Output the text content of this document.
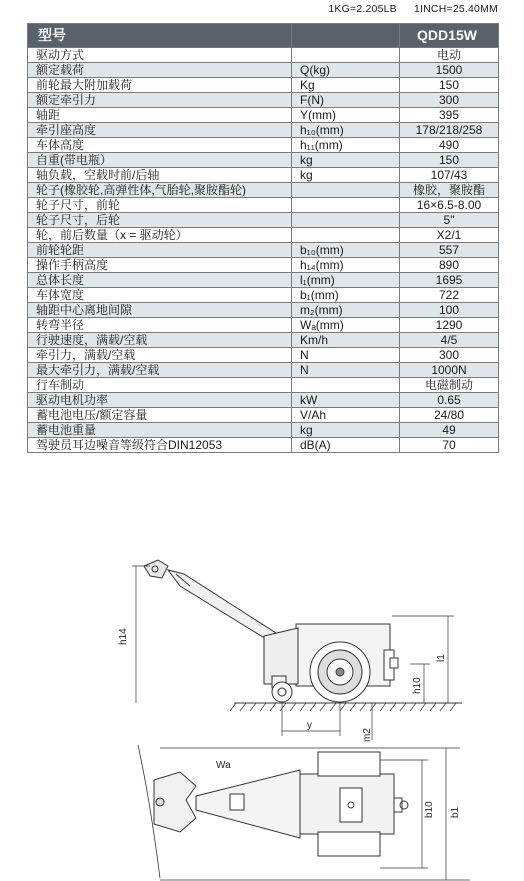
1KG=2.205LB 1INCH=25.40MM
型号		QDD15W
驱动方式		电动
额定载荷	Q(kg)	1500
前轮最大附加载荷	Kg	150
额定牵引力	F(N)	300
轴距	Y(mm)	395
牵引座高度	h₁₀(mm)	178/218/258
车体高度	h₁₁(mm)	490
自重(带电瓶）	kg	150
轴负载，空载时前/后轴	kg	107/43
轮子(橡胶轮,高弹性体,气胎轮,聚胺酯轮)		橡胶，聚胺酯
轮子尺寸，前轮		16×6.5-8.00
轮子尺寸，后轮		5"
轮，前后数量（x = 驱动轮）		X2/1
前轮轮距	b₁₀(mm)	557
操作手柄高度	h₁₄(mm)	890
总体长度	l₁(mm)	1695
车体宽度	b₁(mm)	722
轴距中心离地间隙	m₂(mm)	100
转弯半径	Wₐ(mm)	1290
行驶速度，满载/空载	Km/h	4/5
牵引力，满载/空载	N	300
最大牵引力，满载/空载	N	1000N
行车制动		电磁制动
驱动电机功率	kW	0.65
蓄电池电压/额定容量	V/Ah	24/80
蓄电池重量	kg	49
驾驶员耳边噪音等级符合DIN12053	dB(A)	70
h14
h10
l1
y
m2
Wa
b10 b1
